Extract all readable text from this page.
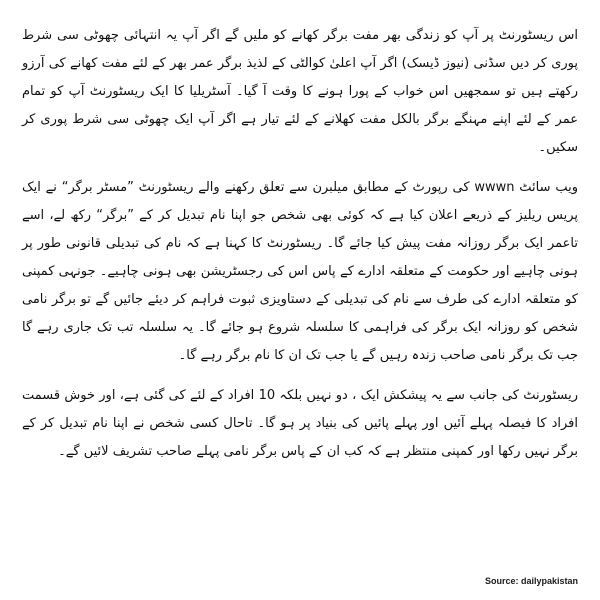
اس ریسٹورنٹ پر آپ کو زندگی بھر مفت برگر کھانے کو ملیں گے اگر آپ یہ انتہائی چھوٹی سی شرط پوری کر دیں سڈنی (نیوز ڈیسک) اگر آپ اعلیٰ کوالٹی کے لذیذ برگر عمر بھر کے لئے مفت کھانے کی آرزو رکھتے ہیں تو سمجھیں اس خواب کے پورا ہونے کا وقت آ گیا۔ آسٹریلیا کا ایک ریسٹورنٹ آپ کو تمام عمر کے لئے اپنے مہنگے برگر بالکل مفت کھلانے کے لئے تیار ہے اگر آپ ایک چھوٹی سی شرط پوری کر سکیں۔

ویب سائٹ wwwn کی رپورٹ کے مطابق میلبرن سے تعلق رکھنے والے ریسٹورنٹ ”مسٹر برگر“ نے ایک پریس ریلیز کے ذریعے اعلان کیا ہے کہ کوئی بھی شخص جو اپنا نام تبدیل کر کے ”برگر“ رکھ لے، اسے تاعمر ایک برگر روزانہ مفت پیش کیا جائے گا۔ ریسٹورنٹ کا کہنا ہے کہ نام کی تبدیلی قانونی طور پر ہونی چاہیے اور حکومت کے متعلقہ ادارے کے پاس اس کی رجسٹریشن بھی ہونی چاہیے۔ جونہی کمپنی کو متعلقہ ادارے کی طرف سے نام کی تبدیلی کے دستاویزی ثبوت فراہم کر دیئے جائیں گے تو برگر نامی شخص کو روزانہ ایک برگر کی فراہمی کا سلسلہ شروع ہو جائے گا۔ یہ سلسلہ تب تک جاری رہے گا جب تک برگر نامی صاحب زندہ رہیں گے یا جب تک ان کا نام برگر رہے گا۔

ریسٹورنٹ کی جانب سے یہ پیشکش ایک ، دو نہیں بلکہ 10 افراد کے لئے کی گئی ہے، اور خوش قسمت افراد کا فیصلہ پہلے آئیں اور پہلے پائیں کی بنیاد پر ہو گا۔ تاحال کسی شخص نے اپنا نام تبدیل کر کے برگر نہیں رکھا اور کمپنی منتظر ہے کہ کب ان کے پاس برگر نامی پہلے صاحب تشریف لائیں گے۔

Source: dailypakistan
